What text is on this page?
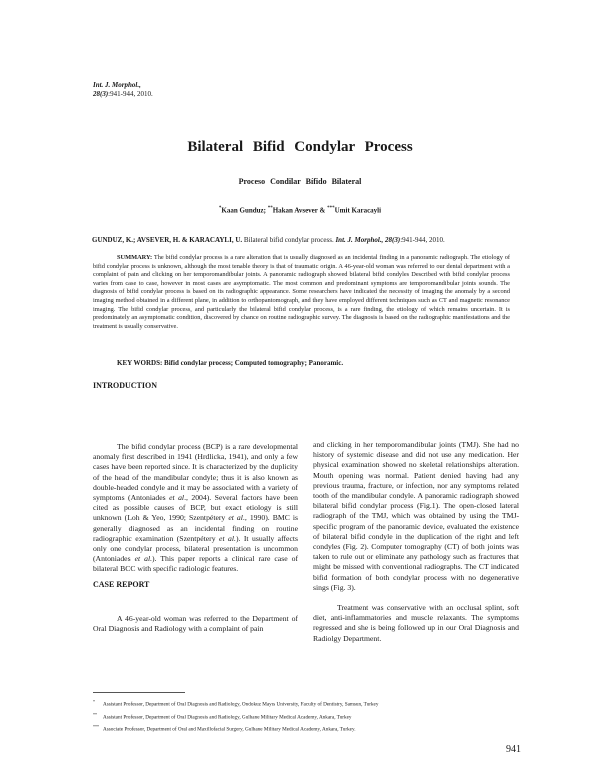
Int. J. Morphol.,
28(3):941-944, 2010.
Bilateral Bifid Condylar Process
Proceso Condilar Bífido Bilateral
*Kaan Gunduz; **Hakan Avsever & ***Umit Karacayli
GUNDUZ, K.; AVSEVER, H. & KARACAYLI, U. Bilateral bifid condylar process. Int. J. Morphol., 28(3):941-944, 2010.
SUMMARY: The bifid condylar process is a rare alteration that is usually diagnosed as an incidental finding in a panoramic radiograph. The etiology of bifid condylar process is unknown, although the most tenable theory is that of traumatic origin. A 46-year-old woman was referred to our dental department with a complaint of pain and clicking on her temporomandibular joints. A panoramic radiograph showed bilateral bifid condyles Described with bifid condylar process varies from case to case, however in most cases are asymptomatic. The most common and predominant symptoms are temporomandibular joints sounds. The diagnosis of bifid condylar process is based on its radiographic appearance. Some researchers have indicated the necessity of imaging the anomaly by a second imaging method obtained in a different plane, in addition to orthopantomograph, and they have employed different techniques such as CT and magnetic resonance imaging. The bifid condylar process, and particularly the bilateral bifid condylar process, is a rare finding, the etiology of which remains uncertain. It is predominately an asymptomatic condition, discovered by chance on routine radiographic survey. The diagnosis is based on the radiographic manifestations and the treatment is usually conservative.
KEY WORDS: Bifid condylar process; Computed tomography; Panoramic.
INTRODUCTION

The bifid condylar process (BCP) is a rare developmental anomaly first described in 1941 (Hrdlicka, 1941), and only a few cases have been reported since. It is characterized by the duplicity of the head of the mandibular condyle; thus it is also known as double-headed condyle and it may be associated with a variety of symptoms (Antoniades et al., 2004). Several factors have been cited as possible causes of BCP, but exact etiology is still unknown (Loh & Yeo, 1990; Szentpétery et al., 1990). BMC is generally diagnosed as an incidental finding on routine radiographic examination (Szentpétery et al.). It usually affects only one condylar process, bilateral presentation is uncommon (Antoniades et al.). This paper reports a clinical rare case of bilateral BCC with specific radiologic features.

CASE REPORT

A 46-year-old woman was referred to the Department of Oral Diagnosis and Radiology with a complaint of pain

and clicking in her temporomandibular joints (TMJ). She had no history of systemic disease and did not use any medication. Her physical examination showed no skeletal relationships alteration. Mouth opening was normal. Patient denied having had any previous trauma, fracture, or infection, nor any symptoms related tooth of the mandibular condyle. A panoramic radiograph showed bilateral bifid condylar process (Fig.1). The open-closed lateral radiograph of the TMJ, which was obtained by using the TMJ-specific program of the panoramic device, evaluated the existence of bilateral bifid condyle in the duplication of the right and left condyles (Fig. 2). Computer tomography (CT) of both joints was taken to rule out or eliminate any pathology such as fractures that might be missed with conventional radiographs. The CT indicated bifid formation of both condylar process with no degenerative sings (Fig. 3).

Treatment was conservative with an occlusal splint, soft diet, anti-inflammatories and muscle relaxants. The symptoms regressed and she is being followed up in our Oral Diagnosis and Radiolgy Department.

*Assistant Professor, Department of Oral Diagnosis and Radiology, Ondokuz Mayıs University, Faculty of Dentistry, Samsun, Turkey
**Assistant Professor, Department of Oral Diagnosis and Radiology, Gulhane Military Medical Academy, Ankara, Turkey
***Associate Professor, Department of Oral and Maxillofacial Surgery, Gulhane Military Medical Academy, Ankara, Turkey.
941
